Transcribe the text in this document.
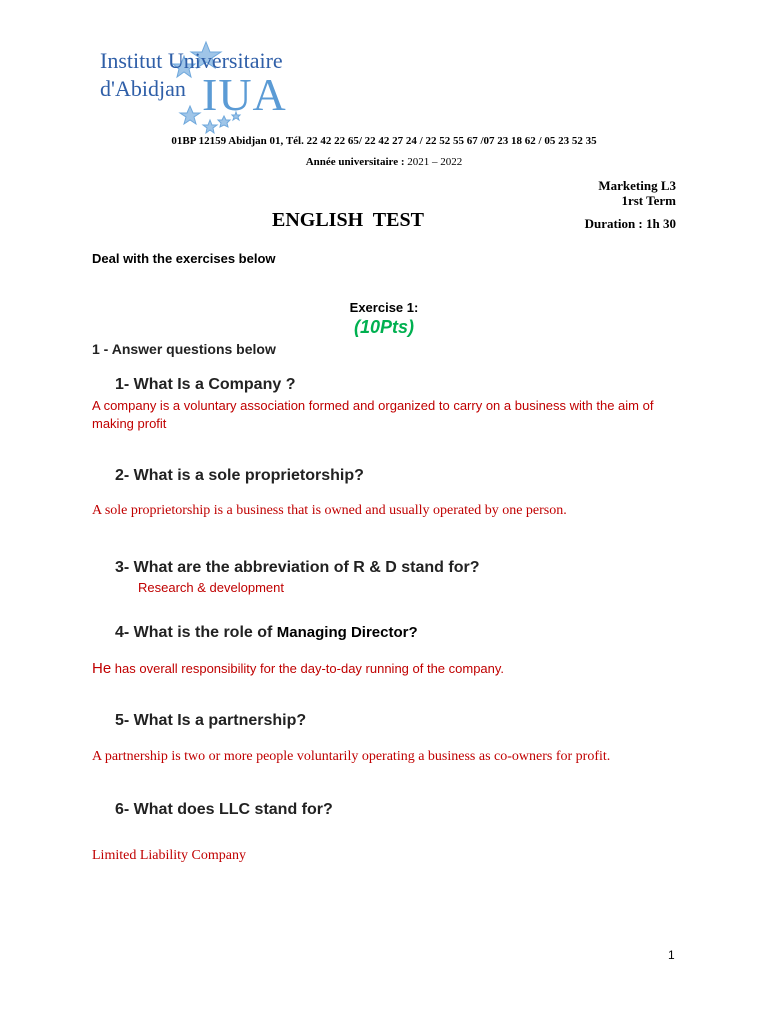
Institut Universitaire
d'Abidjan IUA
01BP 12159 Abidjan 01, Tél. 22 42 22 65/ 22 42 27 24 / 22 52 55 67 /07 23 18 62 / 05 23 52 35
Année universitaire : 2021 – 2022
Marketing L3
1rst Term
Duration : 1h 30
ENGLISH  TEST
Deal with the exercises below
Exercise 1:
(10Pts)
1 - Answer questions below
1- What Is a Company ?
A company is a voluntary association formed and organized to carry on a business with the aim of making profit
2- What is a sole proprietorship?
A sole proprietorship is a business that is owned and usually operated by one person.
3- What are the abbreviation of R & D stand for?
Research & development
4- What is the role of Managing Director?
He has overall responsibility for the day-to-day running of the company.
5- What Is a partnership?
A partnership is two or more people voluntarily operating a business as co-owners for profit.
6- What does LLC stand for?
Limited Liability Company
1
